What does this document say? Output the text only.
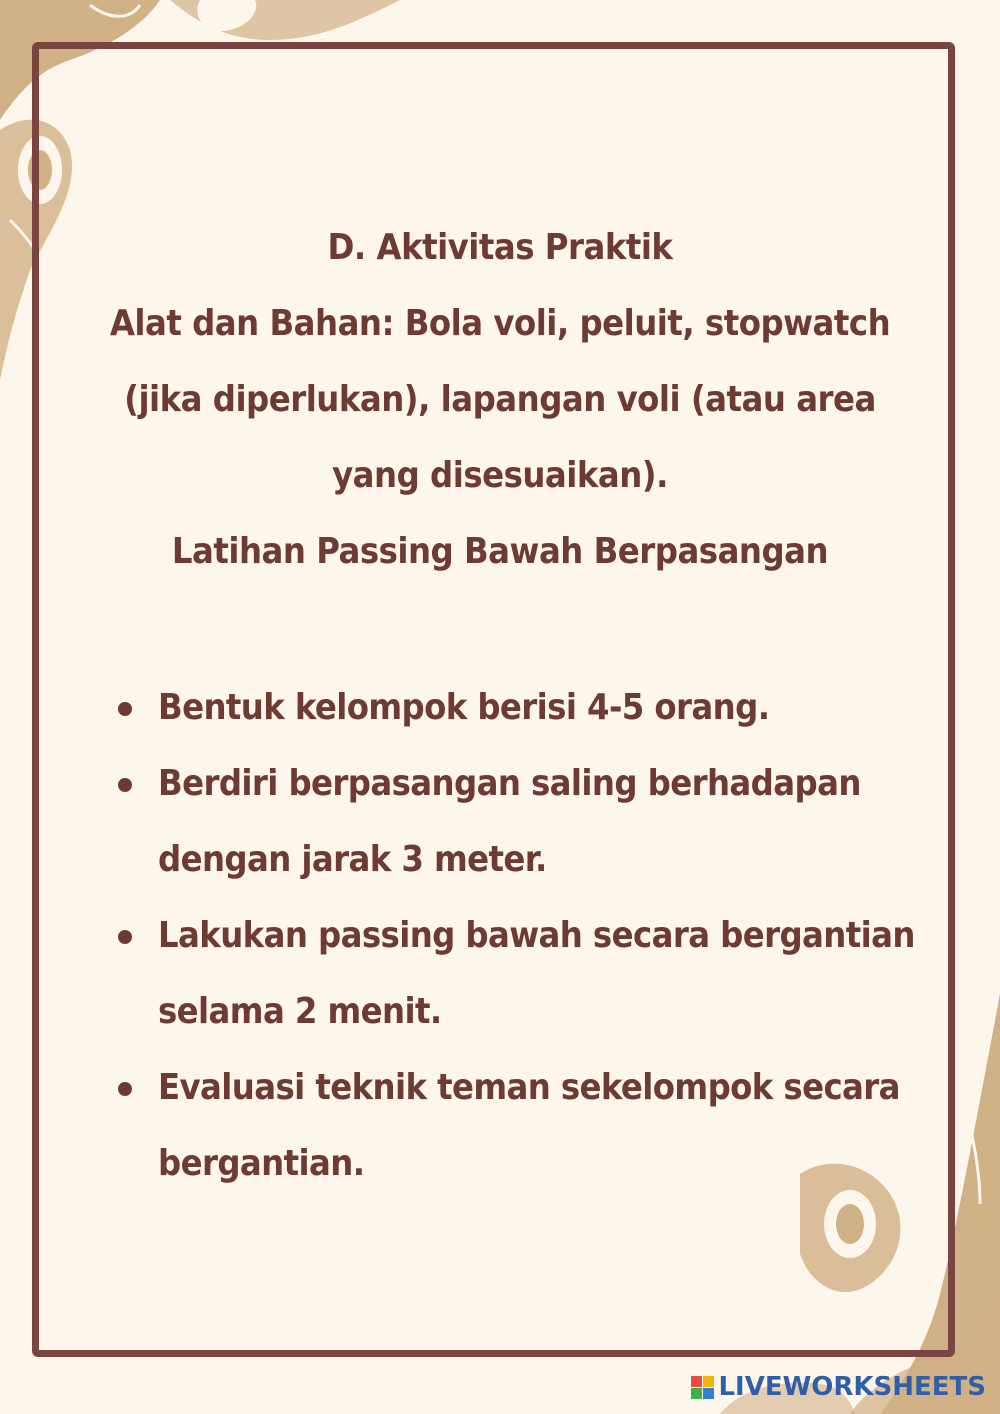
D. Aktivitas Praktik
Alat dan Bahan: Bola voli, peluit, stopwatch (jika diperlukan), lapangan voli (atau area yang disesuaikan).
Latihan Passing Bawah Berpasangan
Bentuk kelompok berisi 4-5 orang.
Berdiri berpasangan saling berhadapan dengan jarak 3 meter.
Lakukan passing bawah secara bergantian selama 2 menit.
Evaluasi teknik teman sekelompok secara bergantian.
LIVEWORKSHEETS
